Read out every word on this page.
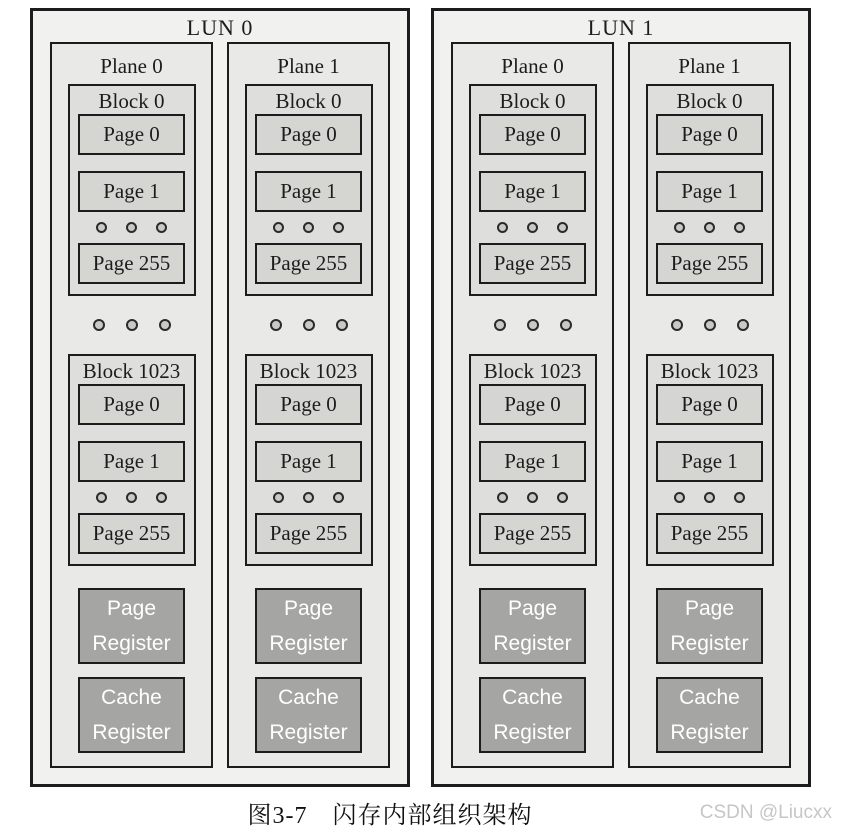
LUN 0
Plane 0
Block 0
Page 0
Page 1
Page 255
Block 1023
Page 0
Page 1
Page 255
Page
Register
Cache
Register
Plane 1
Block 0
Page 0
Page 1
Page 255
Block 1023
Page 0
Page 1
Page 255
Page
Register
Cache
Register
LUN 1
Plane 0
Block 0
Page 0
Page 1
Page 255
Block 1023
Page 0
Page 1
Page 255
Page
Register
Cache
Register
Plane 1
Block 0
Page 0
Page 1
Page 255
Block 1023
Page 0
Page 1
Page 255
Page
Register
Cache
Register
图3-7　闪存内部组织架构	CSDN @Liucxx
